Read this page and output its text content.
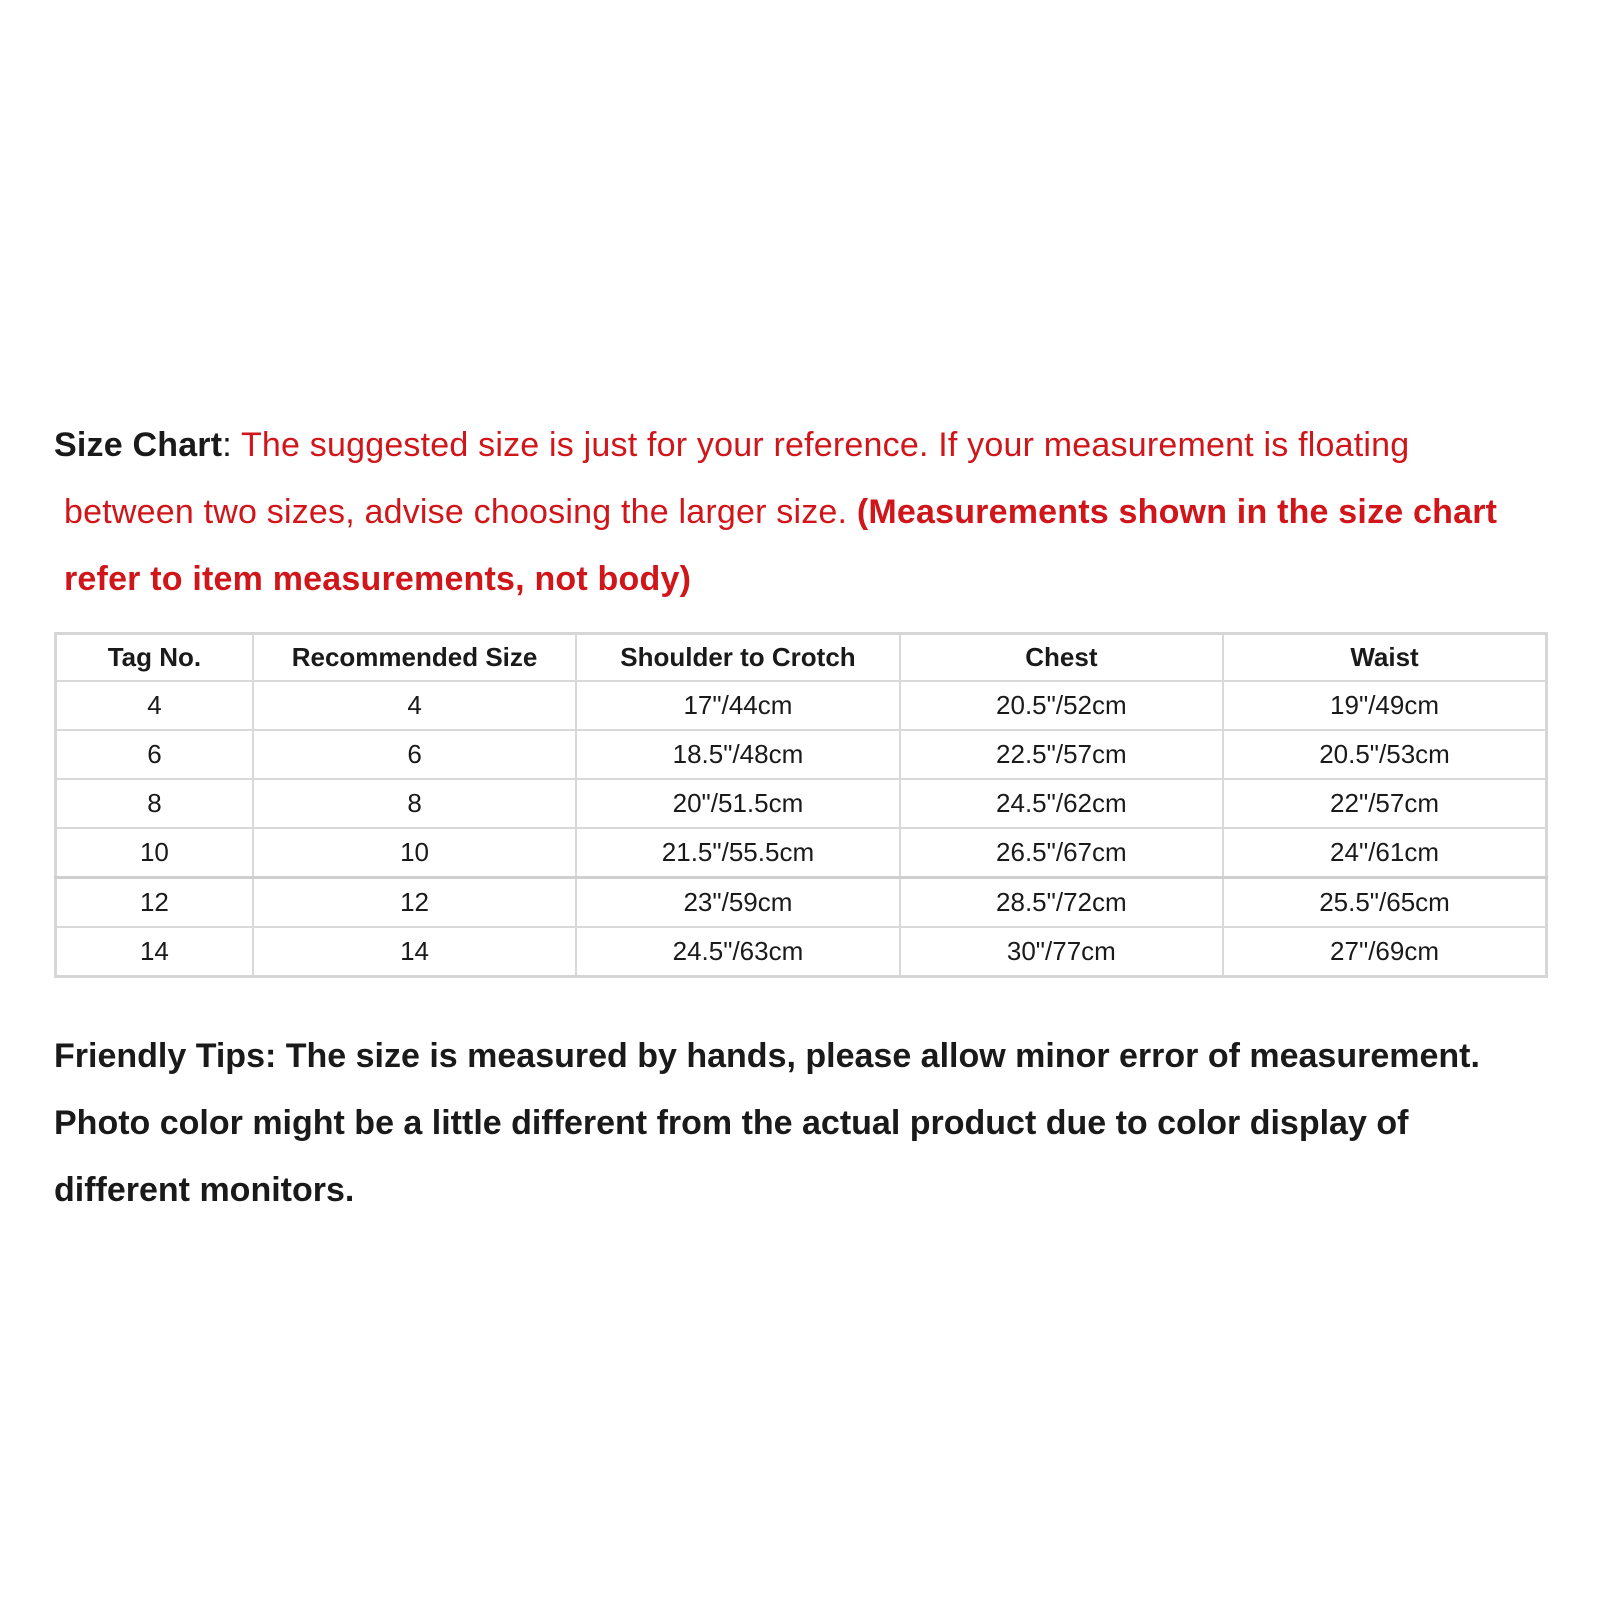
Size Chart: The suggested size is just for your reference. If your measurement is floating
between two sizes, advise choosing the larger size. (Measurements shown in the size chart
refer to item measurements, not body)
Tag No.	Recommended Size	Shoulder to Crotch	Chest	Waist
4	4	17"/44cm	20.5"/52cm	19"/49cm
6	6	18.5"/48cm	22.5"/57cm	20.5"/53cm
8	8	20"/51.5cm	24.5"/62cm	22"/57cm
10	10	21.5"/55.5cm	26.5"/67cm	24"/61cm
12	12	23"/59cm	28.5"/72cm	25.5"/65cm
14	14	24.5"/63cm	30"/77cm	27"/69cm
Friendly Tips: The size is measured by hands, please allow minor error of measurement.
Photo color might be a little different from the actual product due to color display of
different monitors.
